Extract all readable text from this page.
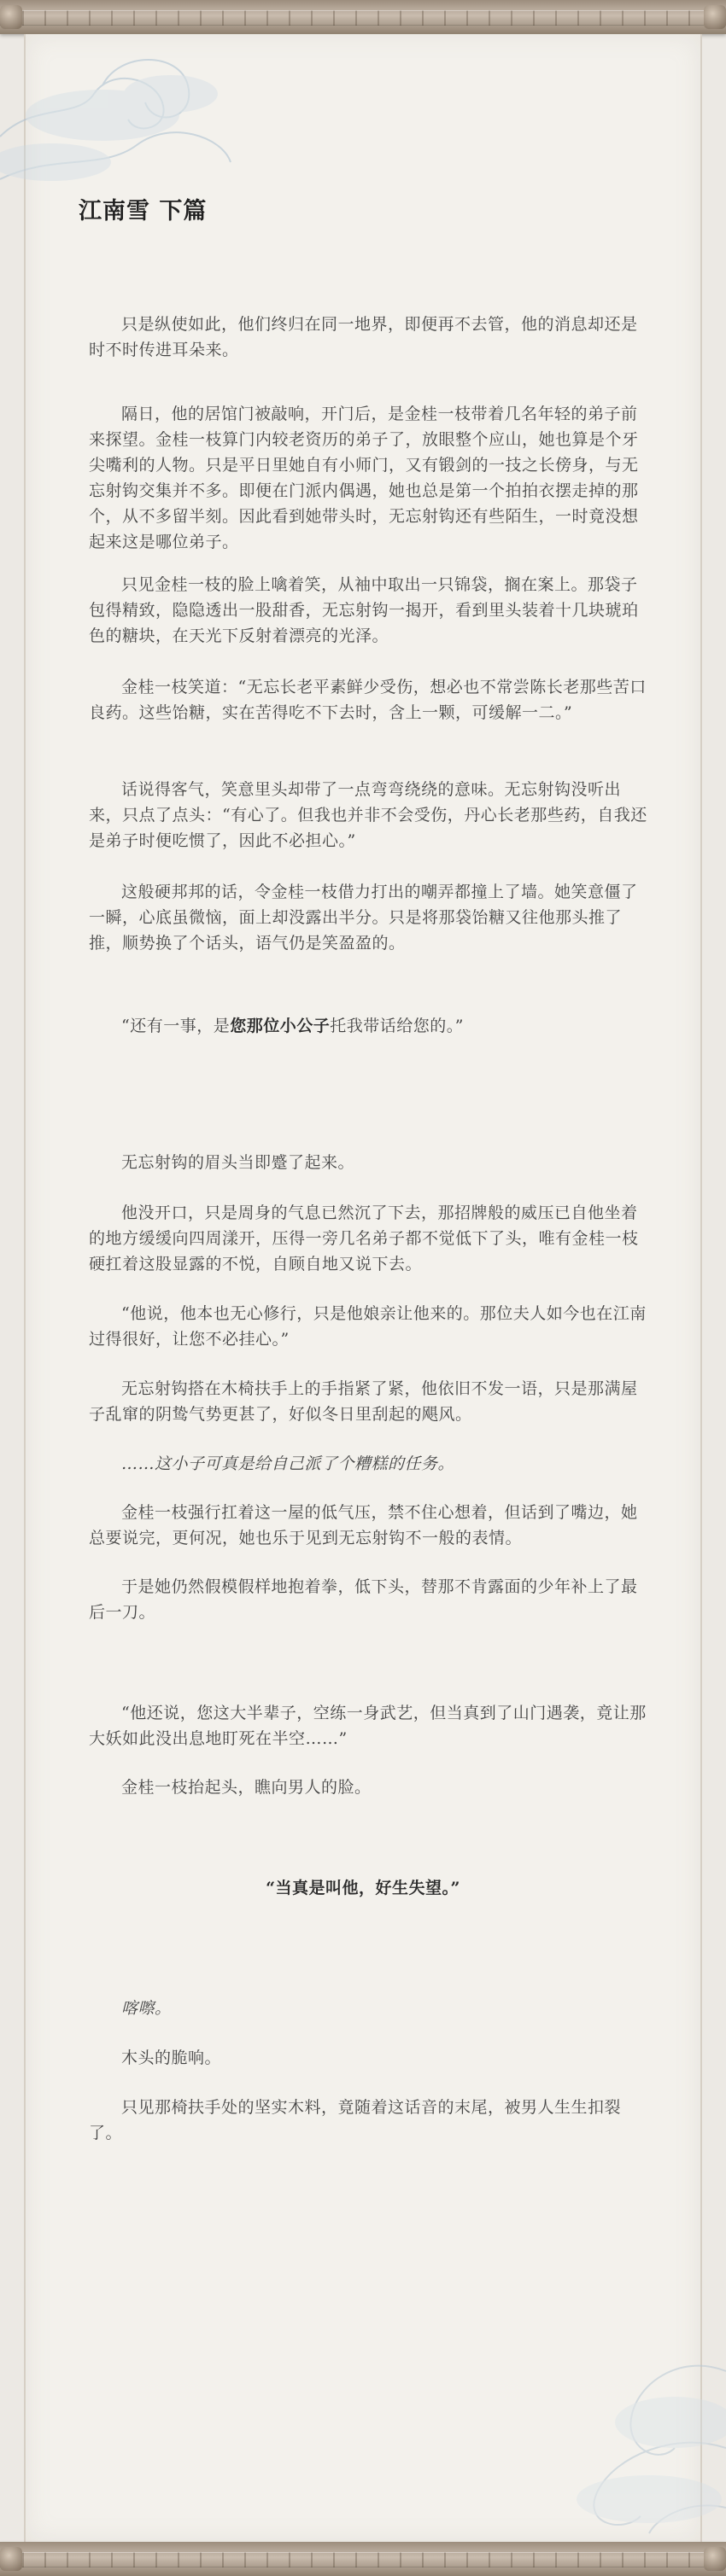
江南雪 下篇

只是纵使如此，他们终归在同一地界，即便再不去管，他的消息却还是时不时传进耳朵来。

隔日，他的居馆门被敲响，开门后，是金桂一枝带着几名年轻的弟子前来探望。金桂一枝算门内较老资历的弟子了，放眼整个应山，她也算是个牙尖嘴利的人物。只是平日里她自有小师门，又有锻剑的一技之长傍身，与无忘射钩交集并不多。即便在门派内偶遇，她也总是第一个拍拍衣摆走掉的那个，从不多留半刻。因此看到她带头时，无忘射钩还有些陌生，一时竟没想起来这是哪位弟子。

只见金桂一枝的脸上噙着笑，从袖中取出一只锦袋，搁在案上。那袋子包得精致，隐隐透出一股甜香，无忘射钩一揭开，看到里头装着十几块琥珀色的糖块，在天光下反射着漂亮的光泽。

金桂一枝笑道：“无忘长老平素鲜少受伤，想必也不常尝陈长老那些苦口良药。这些饴糖，实在苦得吃不下去时，含上一颗，可缓解一二。”

话说得客气，笑意里头却带了一点弯弯绕绕的意味。无忘射钩没听出来，只点了点头：“有心了。但我也并非不会受伤，丹心长老那些药，自我还是弟子时便吃惯了，因此不必担心。”

这般硬邦邦的话，令金桂一枝借力打出的嘲弄都撞上了墙。她笑意僵了一瞬，心底虽微恼，面上却没露出半分。只是将那袋饴糖又往他那头推了推，顺势换了个话头，语气仍是笑盈盈的。

“还有一事，是您那位小公子托我带话给您的。”

无忘射钩的眉头当即蹙了起来。

他没开口，只是周身的气息已然沉了下去，那招牌般的威压已自他坐着的地方缓缓向四周漾开，压得一旁几名弟子都不觉低下了头，唯有金桂一枝硬扛着这股显露的不悦，自顾自地又说下去。

“他说，他本也无心修行，只是他娘亲让他来的。那位夫人如今也在江南过得很好，让您不必挂心。”

无忘射钩搭在木椅扶手上的手指紧了紧，他依旧不发一语，只是那满屋子乱窜的阴鸷气势更甚了，好似冬日里刮起的飓风。

……这小子可真是给自己派了个糟糕的任务。

金桂一枝强行扛着这一屋的低气压，禁不住心想着，但话到了嘴边，她总要说完，更何况，她也乐于见到无忘射钩不一般的表情。

于是她仍然假模假样地抱着拳，低下头，替那不肯露面的少年补上了最后一刀。

“他还说，您这大半辈子，空练一身武艺，但当真到了山门遇袭，竟让那大妖如此没出息地盯死在半空……”

金桂一枝抬起头，瞧向男人的脸。

“当真是叫他，好生失望。”

喀嚓。

木头的脆响。

只见那椅扶手处的坚实木料，竟随着这话音的末尾，被男人生生扣裂了。
